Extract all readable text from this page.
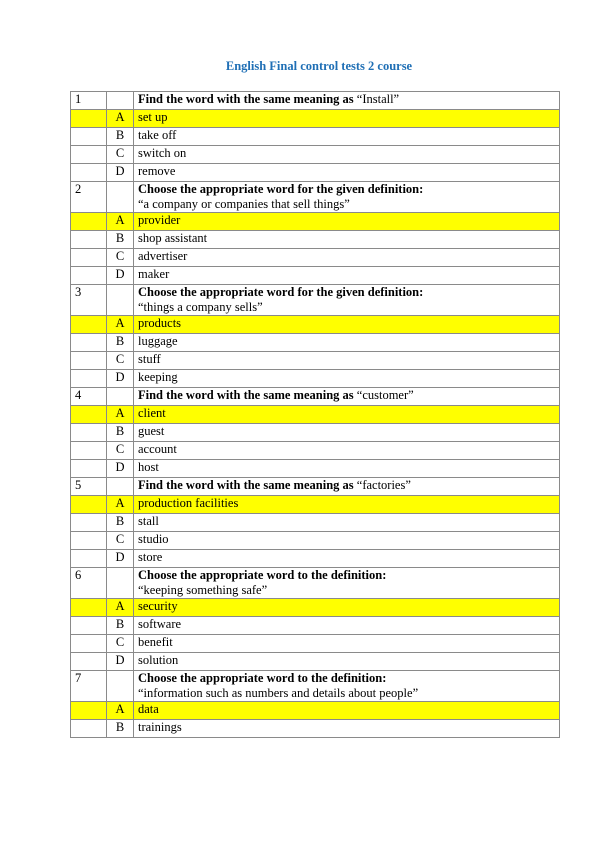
English Final control tests 2 course
1		Find the word with the same meaning as “Install”
	A	set up
	B	take off
	C	switch on
	D	remove
2		Choose the appropriate word for the given definition:
“a company or companies that sell things”

	A	provider
	B	shop assistant
	C	advertiser
	D	maker
3		Choose the appropriate word for the given definition:
“things a company sells”

	A	products
	B	luggage
	C	stuff
	D	keeping
4		Find the word with the same meaning as “customer”
	A	client
	B	guest
	C	account
	D	host
5		Find the word with the same meaning as “factories”
	A	production facilities
	B	stall
	C	studio
	D	store
6		Choose the appropriate word to the definition:
“keeping something safe”

	A	security
	B	software
	C	benefit
	D	solution
7		Choose the appropriate word to the definition:
“information such as numbers and details about people”

	A	data
	B	trainings
